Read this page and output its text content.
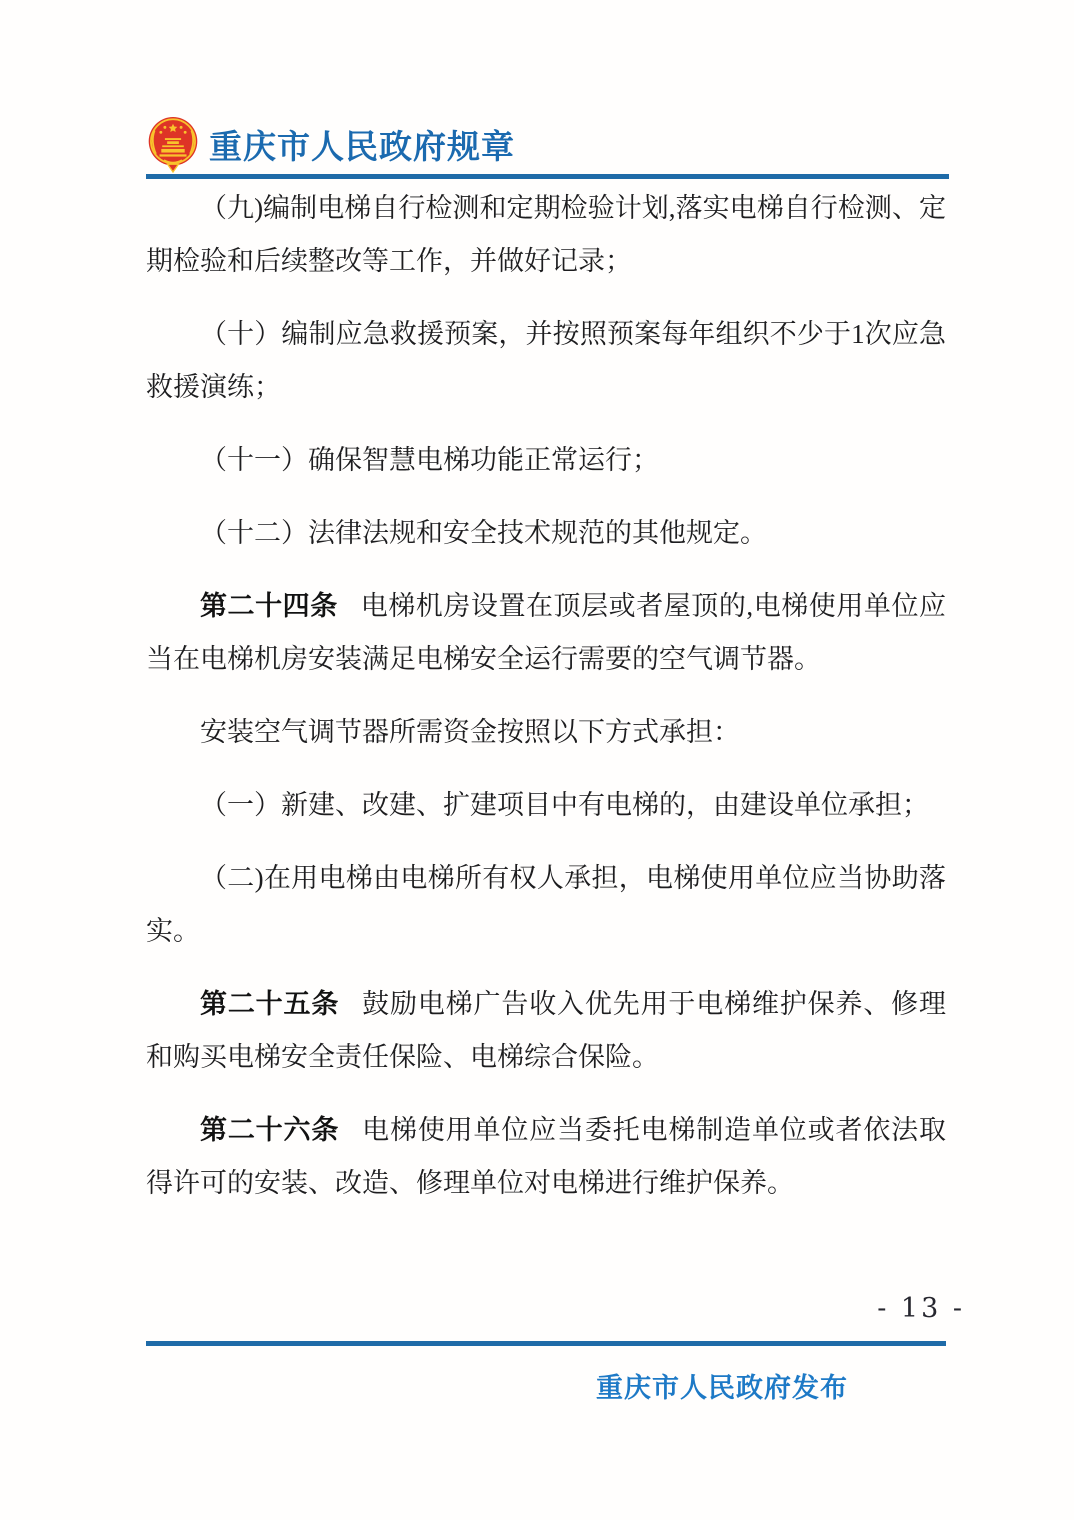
重庆市人民政府规章

（九)编制电梯自行检测和定期检验计划,落实电梯自行检测、定期检验和后续整改等工作，并做好记录；

（十）编制应急救援预案，并按照预案每年组织不少于1次应急救援演练；

（十一）确保智慧电梯功能正常运行；

（十二）法律法规和安全技术规范的其他规定。

第二十四条 电梯机房设置在顶层或者屋顶的,电梯使用单位应当在电梯机房安装满足电梯安全运行需要的空气调节器。

安装空气调节器所需资金按照以下方式承担：

（一）新建、改建、扩建项目中有电梯的，由建设单位承担；

（二)在用电梯由电梯所有权人承担，电梯使用单位应当协助落实。

第二十五条 鼓励电梯广告收入优先用于电梯维护保养、修理和购买电梯安全责任保险、电梯综合保险。

第二十六条 电梯使用单位应当委托电梯制造单位或者依法取得许可的安装、改造、修理单位对电梯进行维护保养。

- 13 -
重庆市人民政府发布
